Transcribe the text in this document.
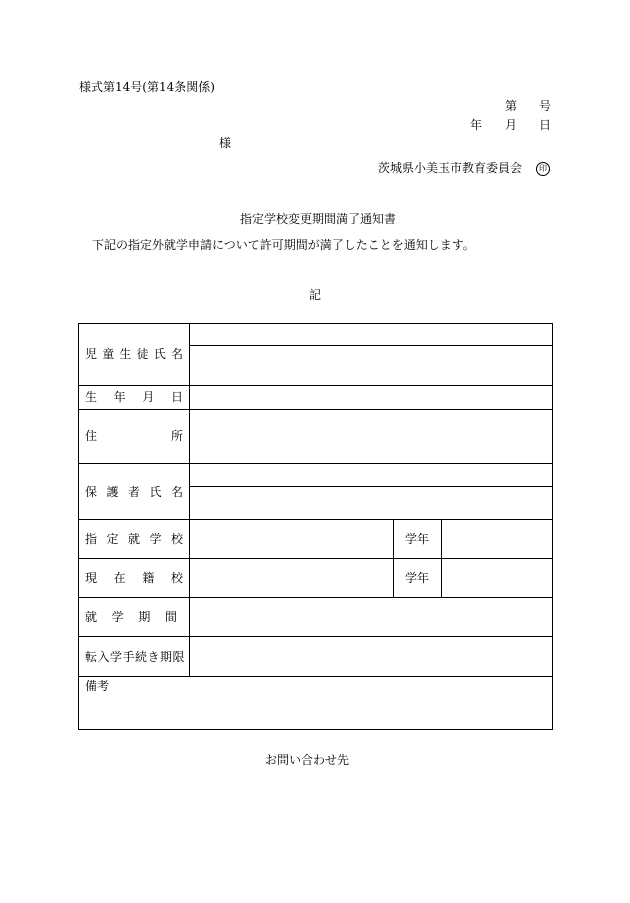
様式第14号(第14条関係)
第 号
年 月 日
様
茨城県小美玉市教育委員会 印
指定学校変更期間満了通知書
下記の指定外就学申請について許可期間が満了したことを通知します。
記
児 童 生 徒 氏 名
生 年 月 日
住	所
保 護 者 氏 名
指 定 就 学 校	学年
現 在 籍 校	学年
就 学 期 間
転入学手続き期限
備考
お問い合わせ先
